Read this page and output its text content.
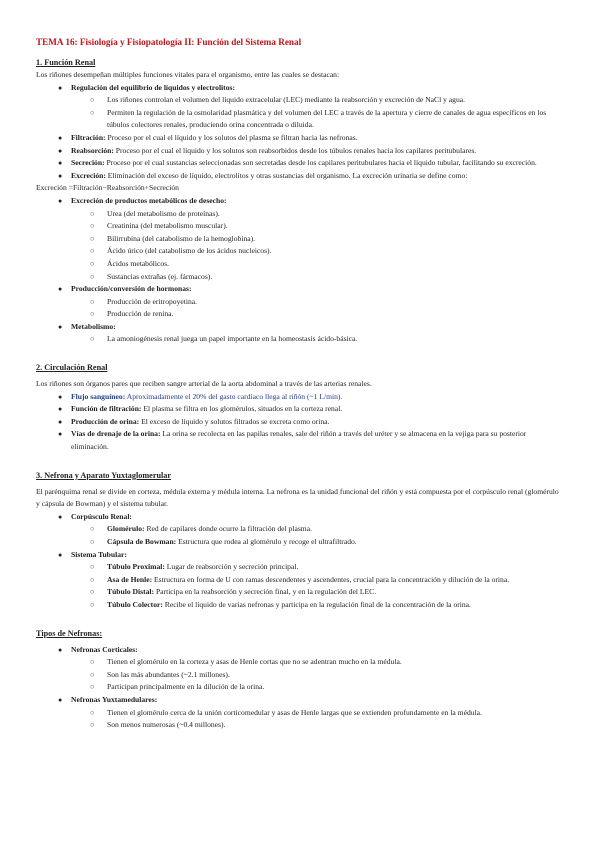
TEMA 16: Fisiología y Fisiopatología II: Función del Sistema Renal
1. Función Renal

Los riñones desempeñan múltiples funciones vitales para el organismo, entre las cuales se destacan:

● Regulación del equilibrio de líquidos y electrolitos:
○ Los riñones controlan el volumen del líquido extracelular (LEC) mediante la reabsorción y excreción de NaCl y agua.
○ Permiten la regulación de la osmolaridad plasmática y del volumen del LEC a través de la apertura y cierre de canales de agua específicos en los túbulos colectores renales, produciendo orina concentrada o diluida.
● Filtración: Proceso por el cual el líquido y los solutos del plasma se filtran hacia las nefronas.
● Reabsorción: Proceso por el cual el líquido y los solutos son reabsorbidos desde los túbulos renales hacia los capilares peritubulares.
● Secreción: Proceso por el cual sustancias seleccionadas son secretadas desde los capilares peritubulares hacia el líquido tubular, facilitando su excreción.
● Excreción: Eliminación del exceso de líquido, electrolitos y otras sustancias del organismo. La excreción urinaria se define como:

Excreción =Filtración−Reabsorción+Secreción

● Excreción de productos metabólicos de desecho:
○ Urea (del metabolismo de proteínas).
○ Creatinina (del metabolismo muscular).
○ Bilirrubina (del catabolismo de la hemoglobina).
○ Ácido úrico (del catabolismo de los ácidos nucleicos).
○ Ácidos metabólicos.
○ Sustancias extrañas (ej. fármacos).
● Producción/conversión de hormonas:
○ Producción de eritropoyetina.
○ Producción de renina.
● Metabolismo:
○ La amoniogénesis renal juega un papel importante en la homeostasis ácido-básica.
2. Circulación Renal

Los riñones son órganos pares que reciben sangre arterial de la aorta abdominal a través de las arterias renales.

● Flujo sanguíneo: Aproximadamente el 20% del gasto cardíaco llega al riñón (~1 L/min).
● Función de filtración: El plasma se filtra en los glomérulos, situados en la corteza renal.
● Producción de orina: El exceso de líquido y solutos filtrados se excreta como orina.
● Vías de drenaje de la orina: La orina se recolecta en las papilas renales, sale del riñón a través del uréter y se almacena en la vejiga para su posterior eliminación.
3. Nefrona y Aparato Yuxtaglomerular

El parénquima renal se divide en corteza, médula externa y médula interna. La nefrona es la unidad funcional del riñón y está compuesta por el corpúsculo renal (glomérulo y cápsula de Bowman) y el sistema tubular.

● Corpúsculo Renal:
○ Glomérulo: Red de capilares donde ocurre la filtración del plasma.
○ Cápsula de Bowman: Estructura que rodea al glomérulo y recoge el ultrafiltrado.
● Sistema Tubular:
○ Túbulo Proximal: Lugar de reabsorción y secreción principal.
○ Asa de Henle: Estructura en forma de U con ramas descendentes y ascendentes, crucial para la concentración y dilución de la orina.
○ Túbulo Distal: Participa en la reabsorción y secreción final, y en la regulación del LEC.
○ Túbulo Colector: Recibe el líquido de varias nefronas y participa en la regulación final de la concentración de la orina.
Tipos de Nefronas:
● Nefronas Corticales:
○ Tienen el glomérulo en la corteza y asas de Henle cortas que no se adentran mucho en la médula.
○ Son las más abundantes (~2.1 millones).
○ Participan principalmente en la dilución de la orina.
● Nefronas Yuxtamedulares:
○ Tienen el glomérulo cerca de la unión corticomedular y asas de Henle largas que se extienden profundamente en la médula.
○ Son menos numerosas (~0.4 millones).
